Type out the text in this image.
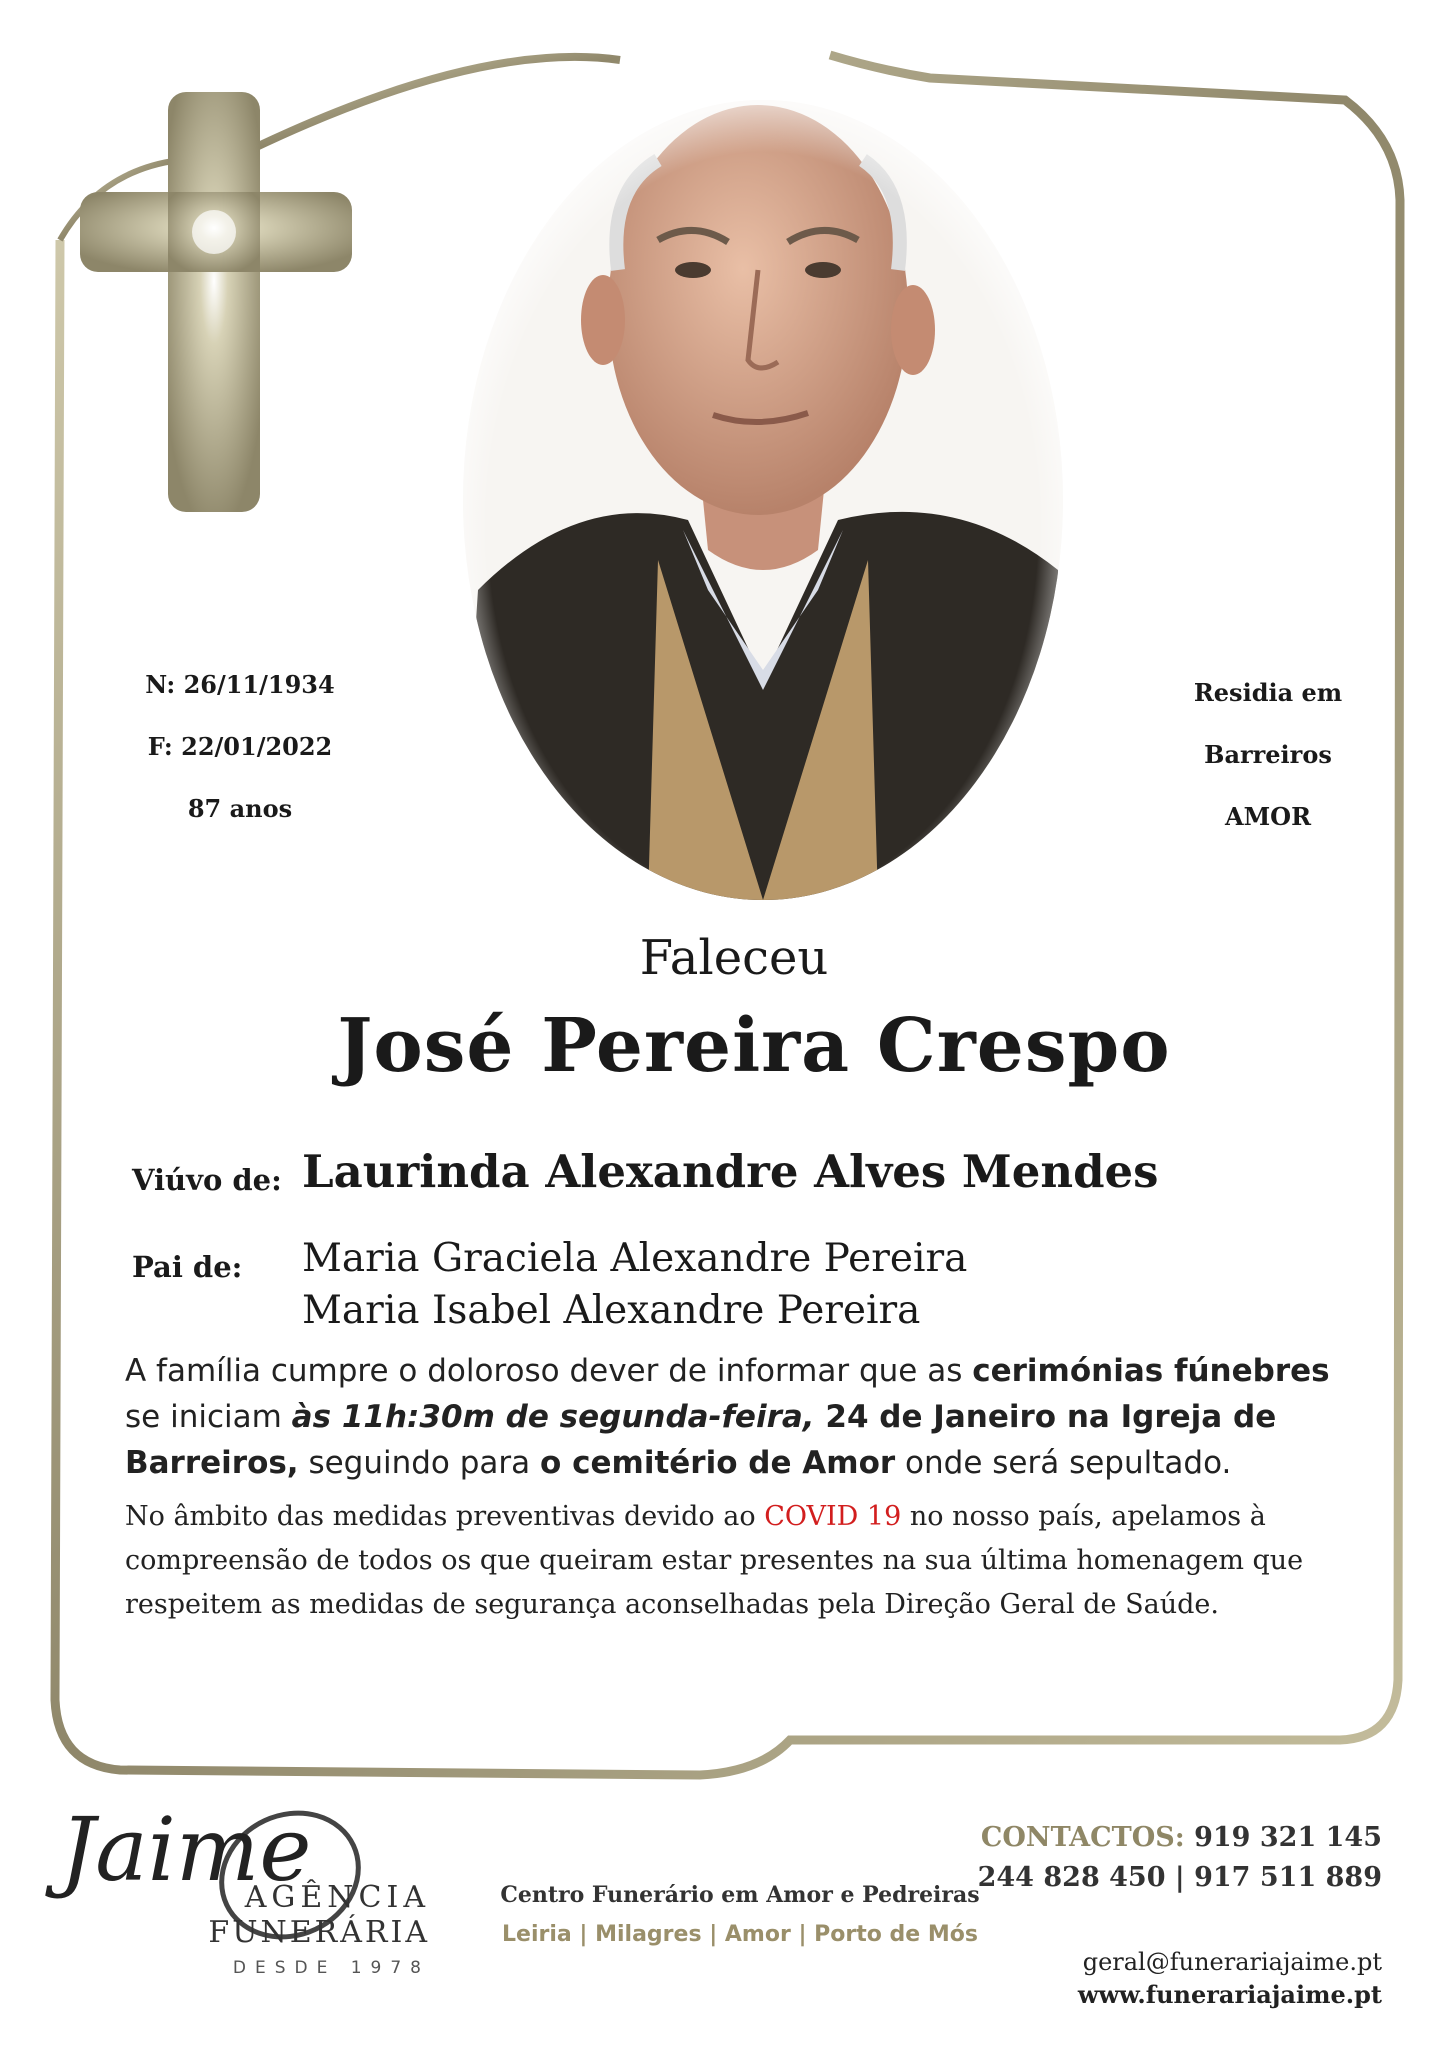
N: 26/11/1934
F: 22/01/2022
87 anos
Residia em
Barreiros
AMOR
Faleceu
José Pereira Crespo
Viúvo de: Laurinda Alexandre Alves Mendes
Pai de: Maria Graciela Alexandre Pereira
Maria Isabel Alexandre Pereira
A família cumpre o doloroso dever de informar que as cerimónias fúnebres se iniciam às 11h:30m de segunda-feira, 24 de Janeiro na Igreja de Barreiros, seguindo para o cemitério de Amor onde será sepultado.
No âmbito das medidas preventivas devido ao COVID 19 no nosso país, apelamos à compreensão de todos os que queiram estar presentes na sua última homenagem que respeitem as medidas de segurança aconselhadas pela Direção Geral de Saúde.
Jaime
AGÊNCIA
FUNERÁRIA
DESDE 1978
Centro Funerário em Amor e Pedreiras
Leiria | Milagres | Amor | Porto de Mós
CONTACTOS: 919 321 145
244 828 450 | 917 511 889
geral@funerariajaime.pt
www.funerariajaime.pt
